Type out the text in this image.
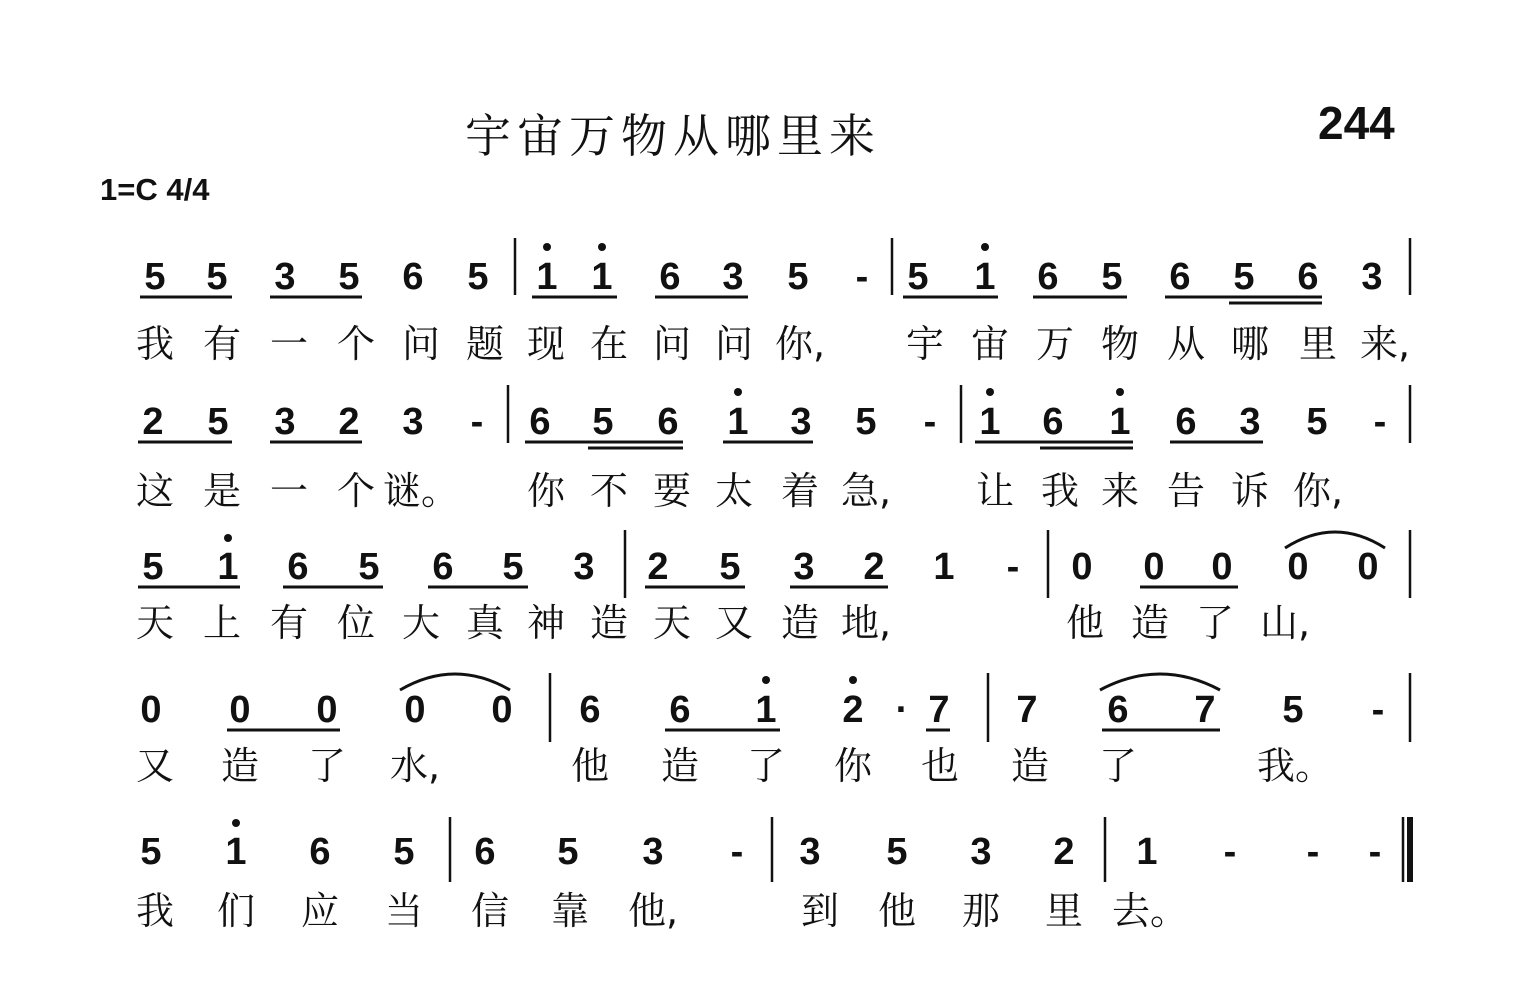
宇宙万物从哪里来	244
1=C 4/4
5 5 3 5 6 5 1 1 6 3 5 - 5 1 6 5 6 5 6 3
2 5 3 2 3 - 6 5 6 1 3 5 - 1 6 1 6 3 5 -
5 1 6 5 6 5 3 2 5 3 2 1 - 0 0 0 0 0
0 0 0 0 0 6 6 1 2 · 7 7 6 7 5 -
5 1 6 5 6 5 3 - 3 5 3 2 1 - - -
我 有 一 个 问 题 现 在 问 问 你, 宇 宙 万 物 从 哪 里 来,
这 是 一 个 谜。 你 不 要 太 着 急, 让 我 来 告 诉 你,
天 上 有 位 大 真 神 造 天 又 造 地,	他 造 了 山,
又 造 了 水,	他 造 了 你 也 造 了	我。
我 们 应 当 信 靠 他,	到 他 那 里 去。
